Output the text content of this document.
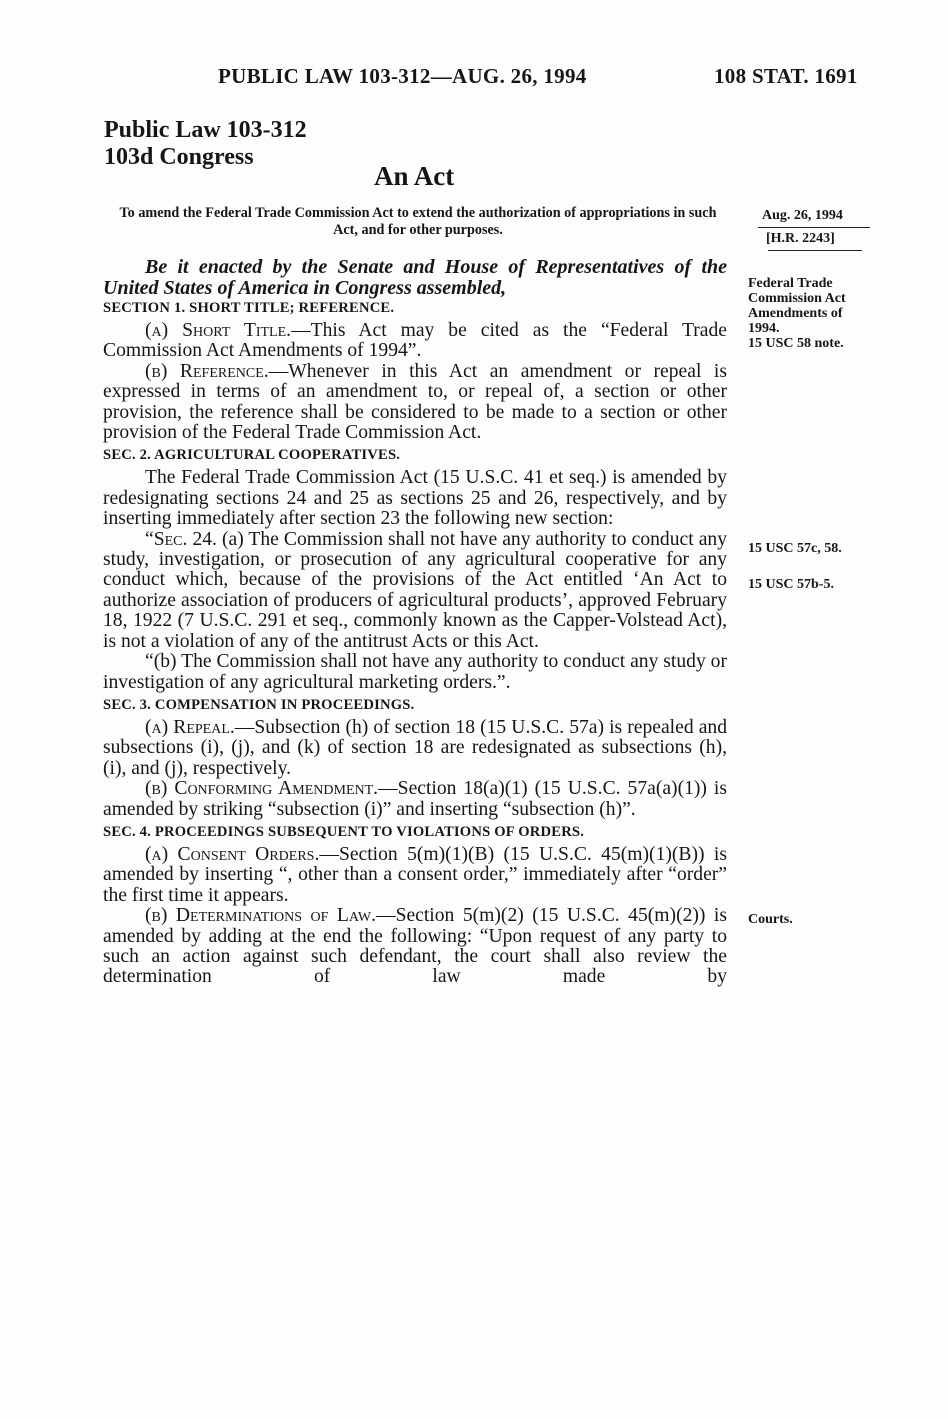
PUBLIC LAW 103-312—AUG. 26, 1994	108 STAT. 1691
Public Law 103-312
103d Congress
An Act
To amend the Federal Trade Commission Act to extend the authorization of appropriations in such Act, and for other purposes.
Aug. 26, 1994
[H.R. 2243]
Federal Trade
Commission Act
Amendments of
1994.
15 USC 58 note.
15 USC 57c, 58.
15 USC 57b-5.
Courts.

Be it enacted by the Senate and House of Representatives of the United States of America in Congress assembled,

SECTION 1. SHORT TITLE; REFERENCE.

(a) Short Title.—This Act may be cited as the “Federal Trade Commission Act Amendments of 1994”.

(b) Reference.—Whenever in this Act an amendment or repeal is expressed in terms of an amendment to, or repeal of, a section or other provision, the reference shall be considered to be made to a section or other provision of the Federal Trade Commission Act.

SEC. 2. AGRICULTURAL COOPERATIVES.

The Federal Trade Commission Act (15 U.S.C. 41 et seq.) is amended by redesignating sections 24 and 25 as sections 25 and 26, respectively, and by inserting immediately after section 23 the following new section:

“Sec. 24. (a) The Commission shall not have any authority to conduct any study, investigation, or prosecution of any agricultural cooperative for any conduct which, because of the provisions of the Act entitled ‘An Act to authorize association of producers of agricultural products’, approved February 18, 1922 (7 U.S.C. 291 et seq., commonly known as the Capper-Volstead Act), is not a violation of any of the antitrust Acts or this Act.

“(b) The Commission shall not have any authority to conduct any study or investigation of any agricultural marketing orders.”.

SEC. 3. COMPENSATION IN PROCEEDINGS.

(a) Repeal.—Subsection (h) of section 18 (15 U.S.C. 57a) is repealed and subsections (i), (j), and (k) of section 18 are redesignated as subsections (h), (i), and (j), respectively.

(b) Conforming Amendment.—Section 18(a)(1) (15 U.S.C. 57a(a)(1)) is amended by striking “subsection (i)” and inserting “subsection (h)”.

SEC. 4. PROCEEDINGS SUBSEQUENT TO VIOLATIONS OF ORDERS.

(a) Consent Orders.—Section 5(m)(1)(B) (15 U.S.C. 45(m)(1)(B)) is amended by inserting “, other than a consent order,” immediately after “order” the first time it appears.

(b) Determinations of Law.—Section 5(m)(2) (15 U.S.C. 45(m)(2)) is amended by adding at the end the following: “Upon request of any party to such an action against such defendant, the court shall also review the determination of law made by
